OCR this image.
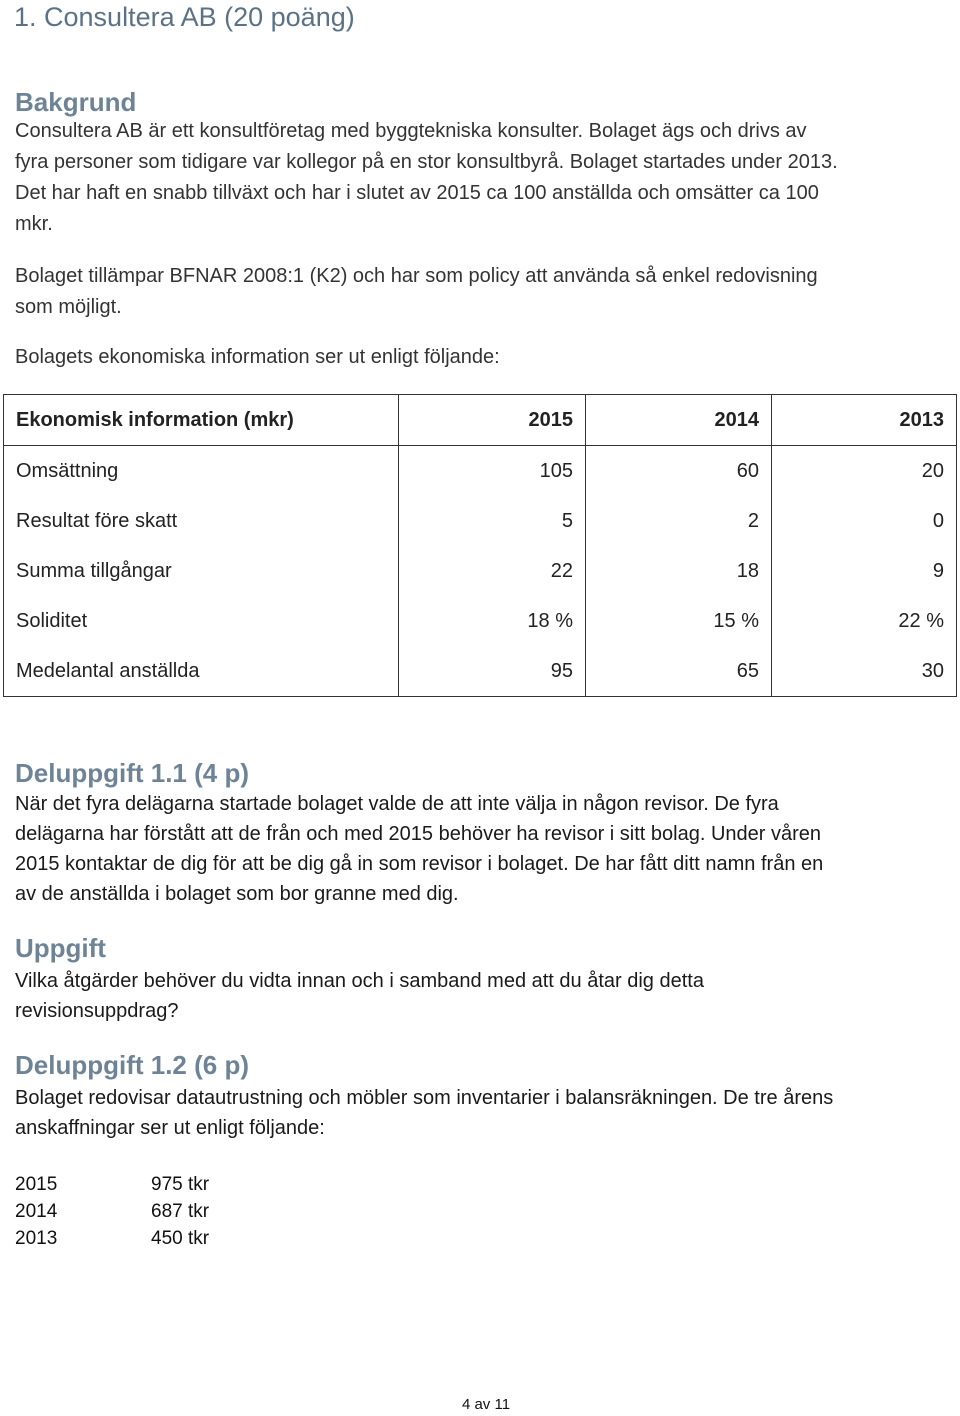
1. Consultera AB (20 poäng)
Bakgrund

Consultera AB är ett konsultföretag med byggtekniska konsulter. Bolaget ägs och drivs av
fyra personer som tidigare var kollegor på en stor konsultbyrå. Bolaget startades under 2013.
Det har haft en snabb tillväxt och har i slutet av 2015 ca 100 anställda och omsätter ca 100
mkr.

Bolaget tillämpar BFNAR 2008:1 (K2) och har som policy att använda så enkel redovisning
som möjligt.

Bolagets ekonomiska information ser ut enligt följande:

Ekonomisk information (mkr)	2015	2014	2013
Omsättning	105	60	20
Resultat före skatt	5	2	0
Summa tillgångar	22	18	9
Soliditet	18 %	15 %	22 %
Medelantal anställda	95	65	30
Deluppgift 1.1 (4 p)

När det fyra delägarna startade bolaget valde de att inte välja in någon revisor. De fyra
delägarna har förstått att de från och med 2015 behöver ha revisor i sitt bolag. Under våren
2015 kontaktar de dig för att be dig gå in som revisor i bolaget. De har fått ditt namn från en
av de anställda i bolaget som bor granne med dig.

Uppgift

Vilka åtgärder behöver du vidta innan och i samband med att du åtar dig detta
revisionsuppdrag?

Deluppgift 1.2 (6 p)

Bolaget redovisar datautrustning och möbler som inventarier i balansräkningen. De tre årens
anskaffningar ser ut enligt följande:

2015	975 tkr
2014	687 tkr
2013	450 tkr
4 av 11
